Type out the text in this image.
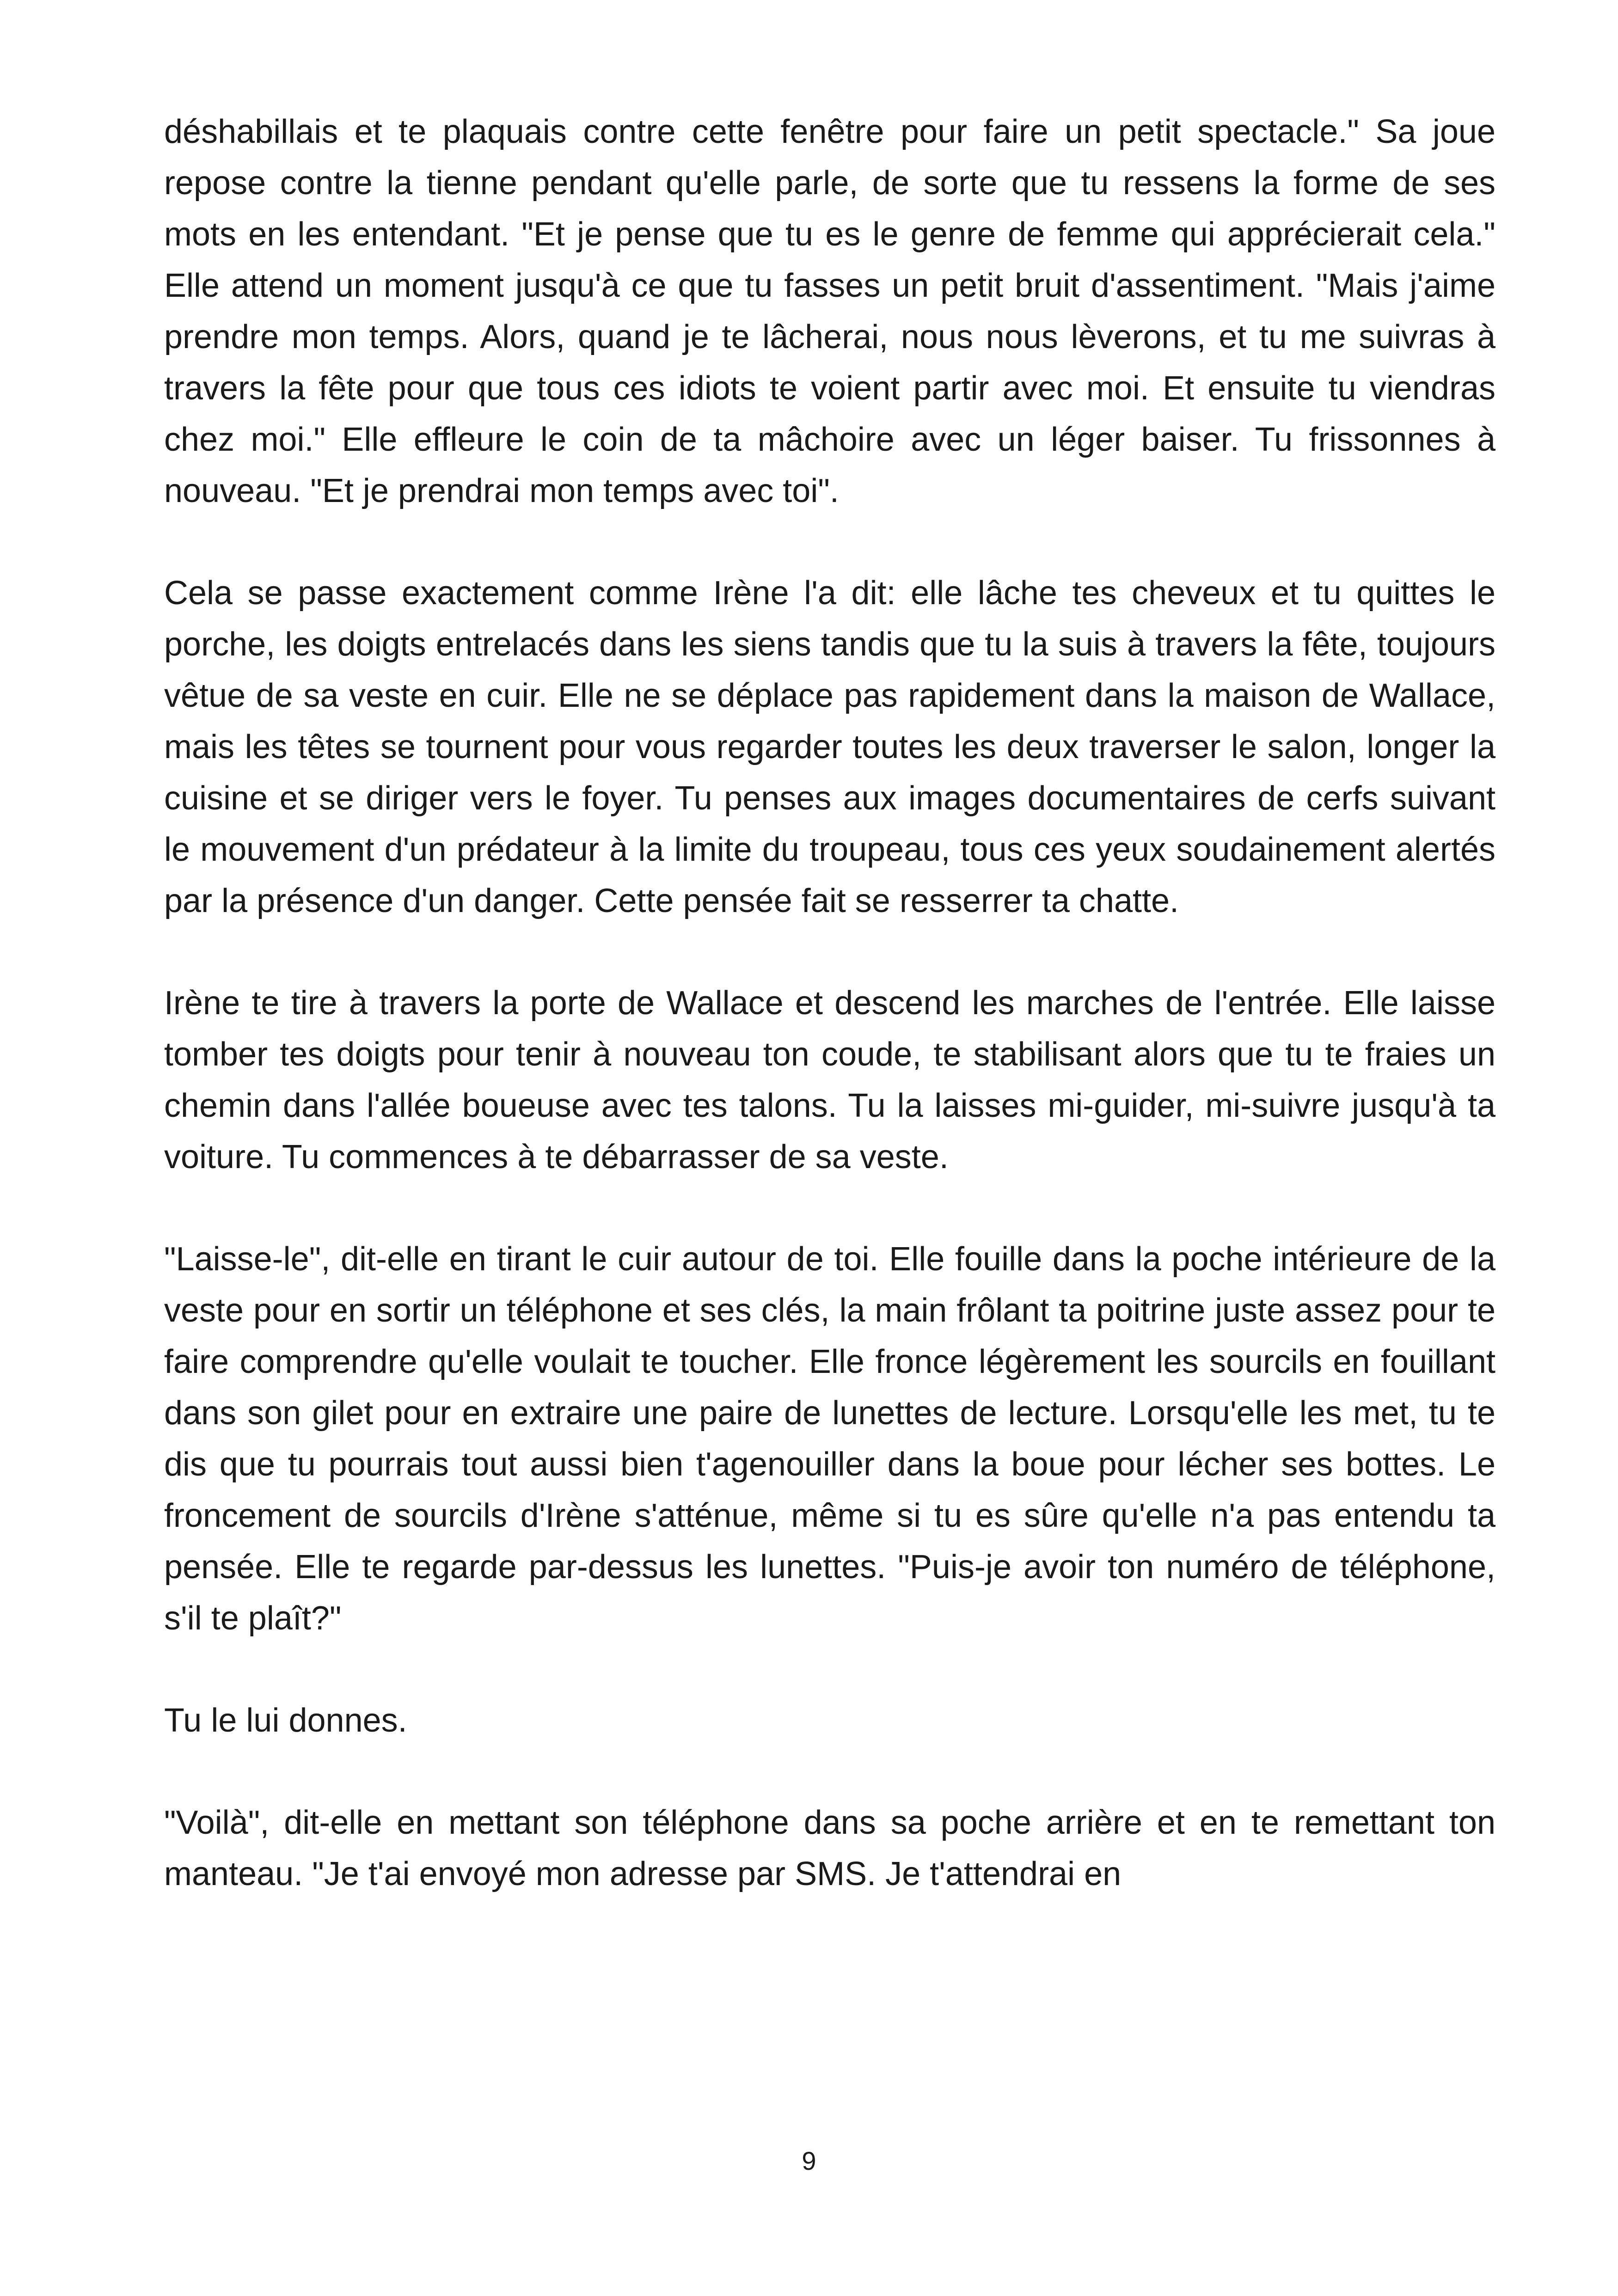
déshabillais et te plaquais contre cette fenêtre pour faire un petit spectacle." Sa joue repose contre la tienne pendant qu'elle parle, de sorte que tu ressens la forme de ses mots en les entendant. "Et je pense que tu es le genre de femme qui apprécierait cela." Elle attend un moment jusqu'à ce que tu fasses un petit bruit d'assentiment. "Mais j'aime prendre mon temps. Alors, quand je te lâcherai, nous nous lèverons, et tu me suivras à travers la fête pour que tous ces idiots te voient partir avec moi. Et ensuite tu viendras chez moi." Elle effleure le coin de ta mâchoire avec un léger baiser. Tu frissonnes à nouveau. "Et je prendrai mon temps avec toi".

Cela se passe exactement comme Irène l'a dit: elle lâche tes cheveux et tu quittes le porche, les doigts entrelacés dans les siens tandis que tu la suis à travers la fête, toujours vêtue de sa veste en cuir. Elle ne se déplace pas rapidement dans la maison de Wallace, mais les têtes se tournent pour vous regarder toutes les deux traverser le salon, longer la cuisine et se diriger vers le foyer. Tu penses aux images documentaires de cerfs suivant le mouvement d'un prédateur à la limite du troupeau, tous ces yeux soudainement alertés par la présence d'un danger. Cette pensée fait se resserrer ta chatte.

Irène te tire à travers la porte de Wallace et descend les marches de l'entrée. Elle laisse tomber tes doigts pour tenir à nouveau ton coude, te stabilisant alors que tu te fraies un chemin dans l'allée boueuse avec tes talons. Tu la laisses mi-guider, mi-suivre jusqu'à ta voiture. Tu commences à te débarrasser de sa veste.

"Laisse-le", dit-elle en tirant le cuir autour de toi. Elle fouille dans la poche intérieure de la veste pour en sortir un téléphone et ses clés, la main frôlant ta poitrine juste assez pour te faire comprendre qu'elle voulait te toucher. Elle fronce légèrement les sourcils en fouillant dans son gilet pour en extraire une paire de lunettes de lecture. Lorsqu'elle les met, tu te dis que tu pourrais tout aussi bien t'agenouiller dans la boue pour lécher ses bottes. Le froncement de sourcils d'Irène s'atténue, même si tu es sûre qu'elle n'a pas entendu ta pensée. Elle te regarde par-dessus les lunettes. "Puis-je avoir ton numéro de téléphone, s'il te plaît?"

Tu le lui donnes.

"Voilà", dit-elle en mettant son téléphone dans sa poche arrière et en te remettant ton manteau. "Je t'ai envoyé mon adresse par SMS. Je t'attendrai en

9
